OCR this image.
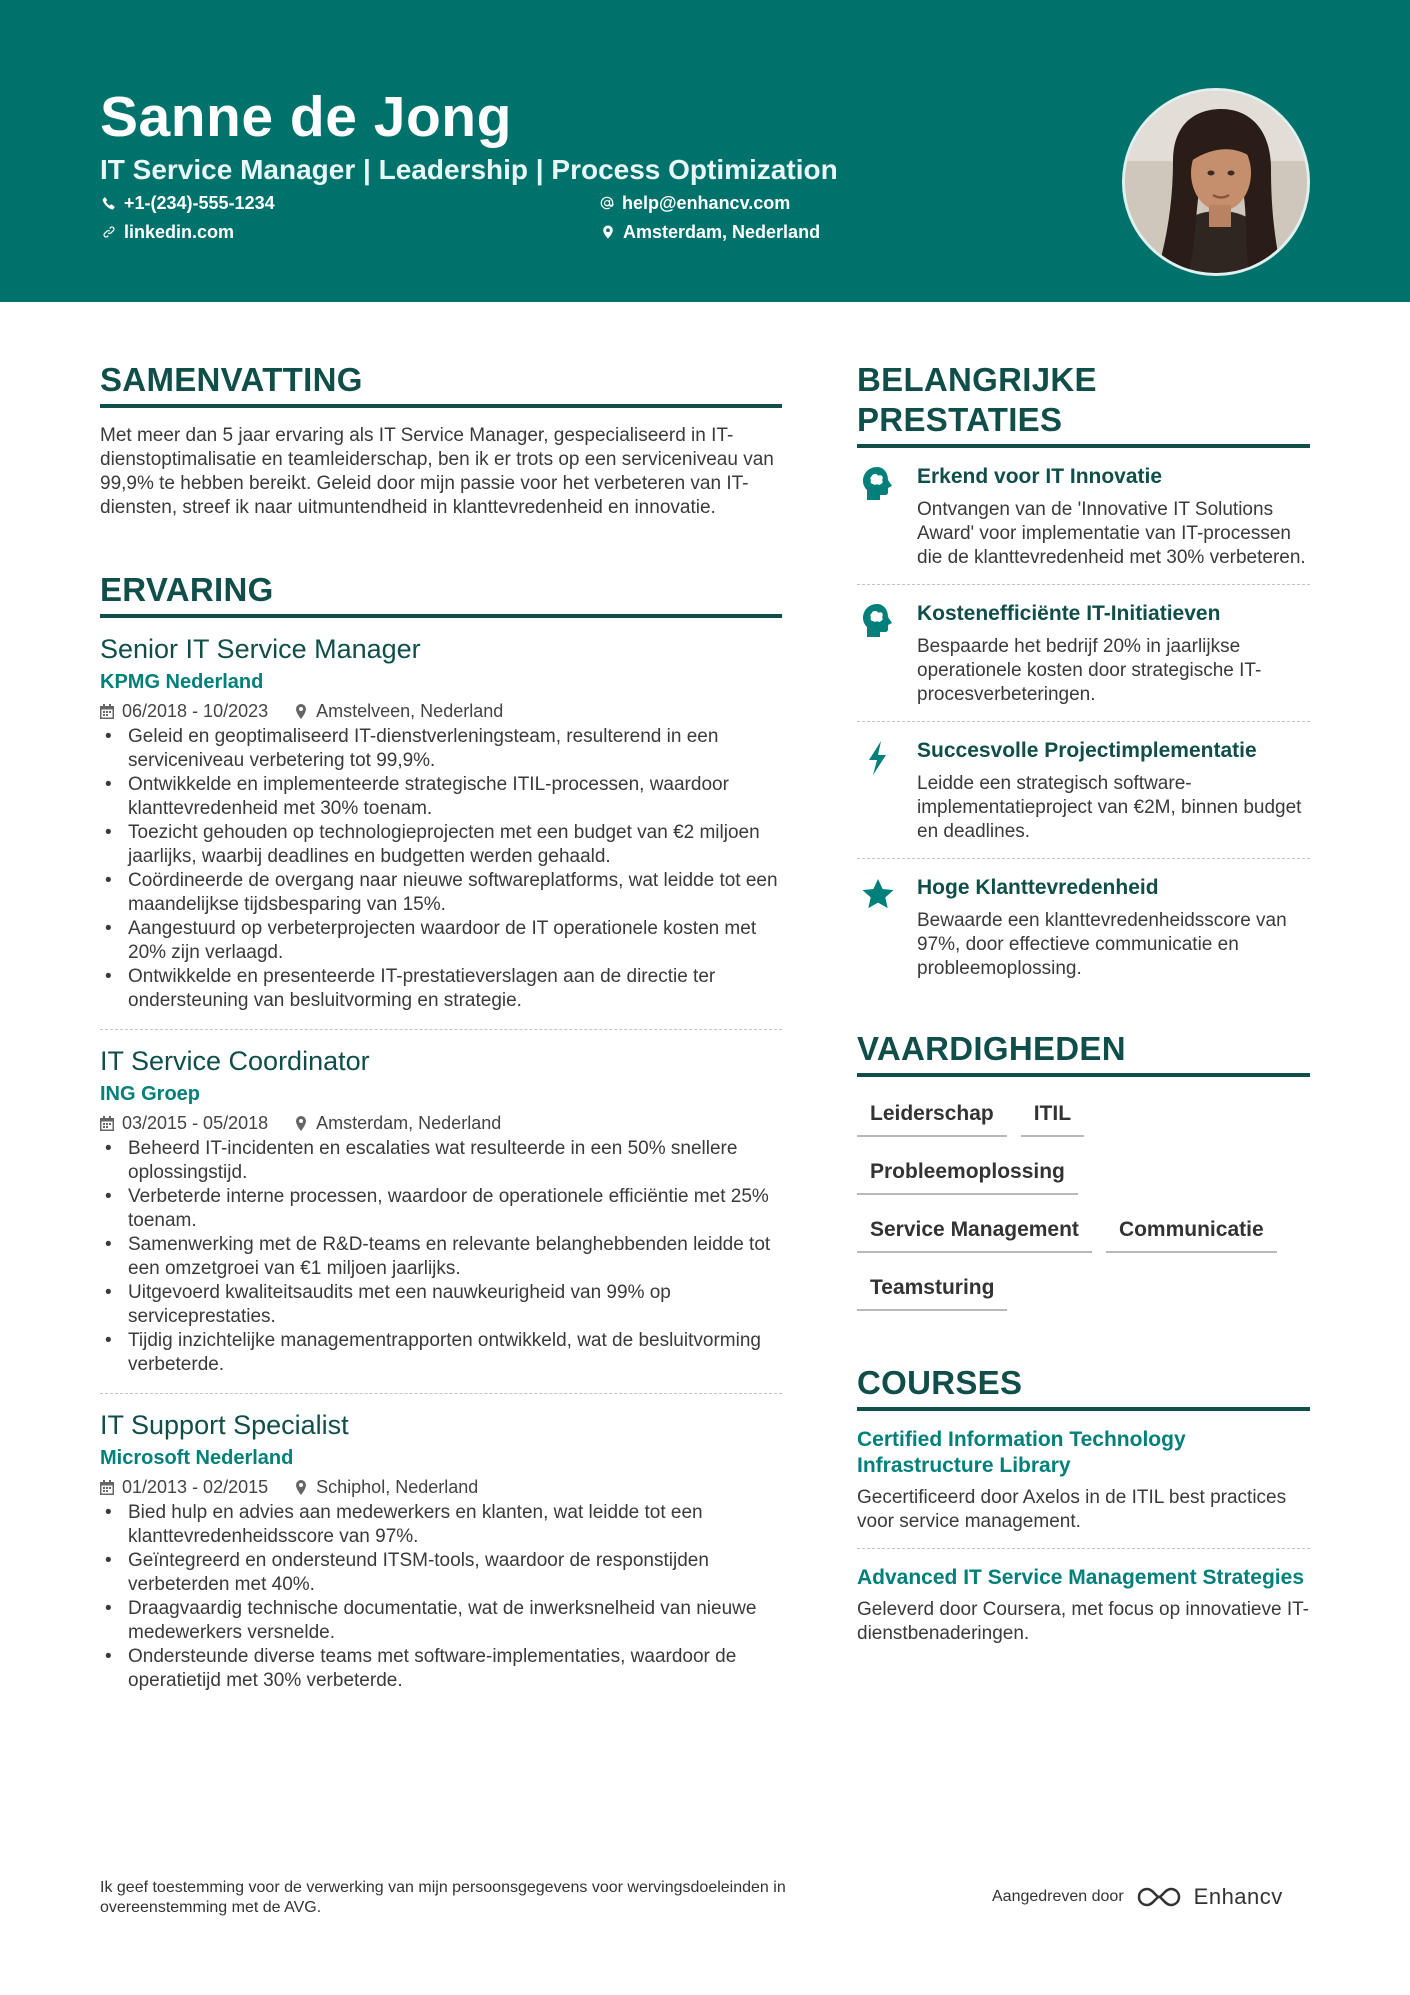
Sanne de Jong
IT Service Manager | Leadership | Process Optimization
+1-(234)-555-1234	help@enhancv.com
linkedin.com	Amsterdam, Nederland
SAMENVATTING
Met meer dan 5 jaar ervaring als IT Service Manager, gespecialiseerd in IT-dienstoptimalisatie en teamleiderschap, ben ik er trots op een serviceniveau van 99,9% te hebben bereikt. Geleid door mijn passie voor het verbeteren van IT-diensten, streef ik naar uitmuntendheid in klanttevredenheid en innovatie.
ERVARING
Senior IT Service Manager
KPMG Nederland
06/2018 - 10/2023	Amstelveen, Nederland
• Geleid en geoptimaliseerd IT-dienstverleningsteam, resulterend in een serviceniveau verbetering tot 99,9%.
• Ontwikkelde en implementeerde strategische ITIL-processen, waardoor klanttevredenheid met 30% toenam.
• Toezicht gehouden op technologieprojecten met een budget van €2 miljoen jaarlijks, waarbij deadlines en budgetten werden gehaald.
• Coördineerde de overgang naar nieuwe softwareplatforms, wat leidde tot een maandelijkse tijdsbesparing van 15%.
• Aangestuurd op verbeterprojecten waardoor de IT operationele kosten met 20% zijn verlaagd.
• Ontwikkelde en presenteerde IT-prestatieverslagen aan de directie ter ondersteuning van besluitvorming en strategie.
IT Service Coordinator
ING Groep
03/2015 - 05/2018	Amsterdam, Nederland
• Beheerd IT-incidenten en escalaties wat resulteerde in een 50% snellere oplossingstijd.
• Verbeterde interne processen, waardoor de operationele efficiëntie met 25% toenam.
• Samenwerking met de R&D-teams en relevante belanghebbenden leidde tot een omzetgroei van €1 miljoen jaarlijks.
• Uitgevoerd kwaliteitsaudits met een nauwkeurigheid van 99% op serviceprestaties.
• Tijdig inzichtelijke managementrapporten ontwikkeld, wat de besluitvorming verbeterde.
IT Support Specialist
Microsoft Nederland
01/2013 - 02/2015	Schiphol, Nederland
• Bied hulp en advies aan medewerkers en klanten, wat leidde tot een klanttevredenheidsscore van 97%.
• Geïntegreerd en ondersteund ITSM-tools, waardoor de responstijden verbeterden met 40%.
• Draagvaardig technische documentatie, wat de inwerksnelheid van nieuwe medewerkers versnelde.
• Ondersteunde diverse teams met software-implementaties, waardoor de operatietijd met 30% verbeterde.
BELANGRIJKE PRESTATIES
Erkend voor IT Innovatie
Ontvangen van de 'Innovative IT Solutions Award' voor implementatie van IT-processen die de klanttevredenheid met 30% verbeteren.
Kostenefficiënte IT-Initiatieven
Bespaarde het bedrijf 20% in jaarlijkse operationele kosten door strategische IT-procesverbeteringen.
Succesvolle Projectimplementatie
Leidde een strategisch software-implementatieproject van €2M, binnen budget en deadlines.
Hoge Klanttevredenheid
Bewaarde een klanttevredenheidsscore van 97%, door effectieve communicatie en probleemoplossing.
VAARDIGHEDEN
Leiderschap	ITIL
Probleemoplossing
Service Management	Communicatie
Teamsturing
COURSES
Certified Information Technology Infrastructure Library
Gecertificeerd door Axelos in de ITIL best practices voor service management.
Advanced IT Service Management Strategies
Geleverd door Coursera, met focus op innovatieve IT-dienstbenaderingen.
Ik geef toestemming voor de verwerking van mijn persoonsgegevens voor wervingsdoeleinden in overeenstemming met de AVG.
Aangedreven door	Enhancv
